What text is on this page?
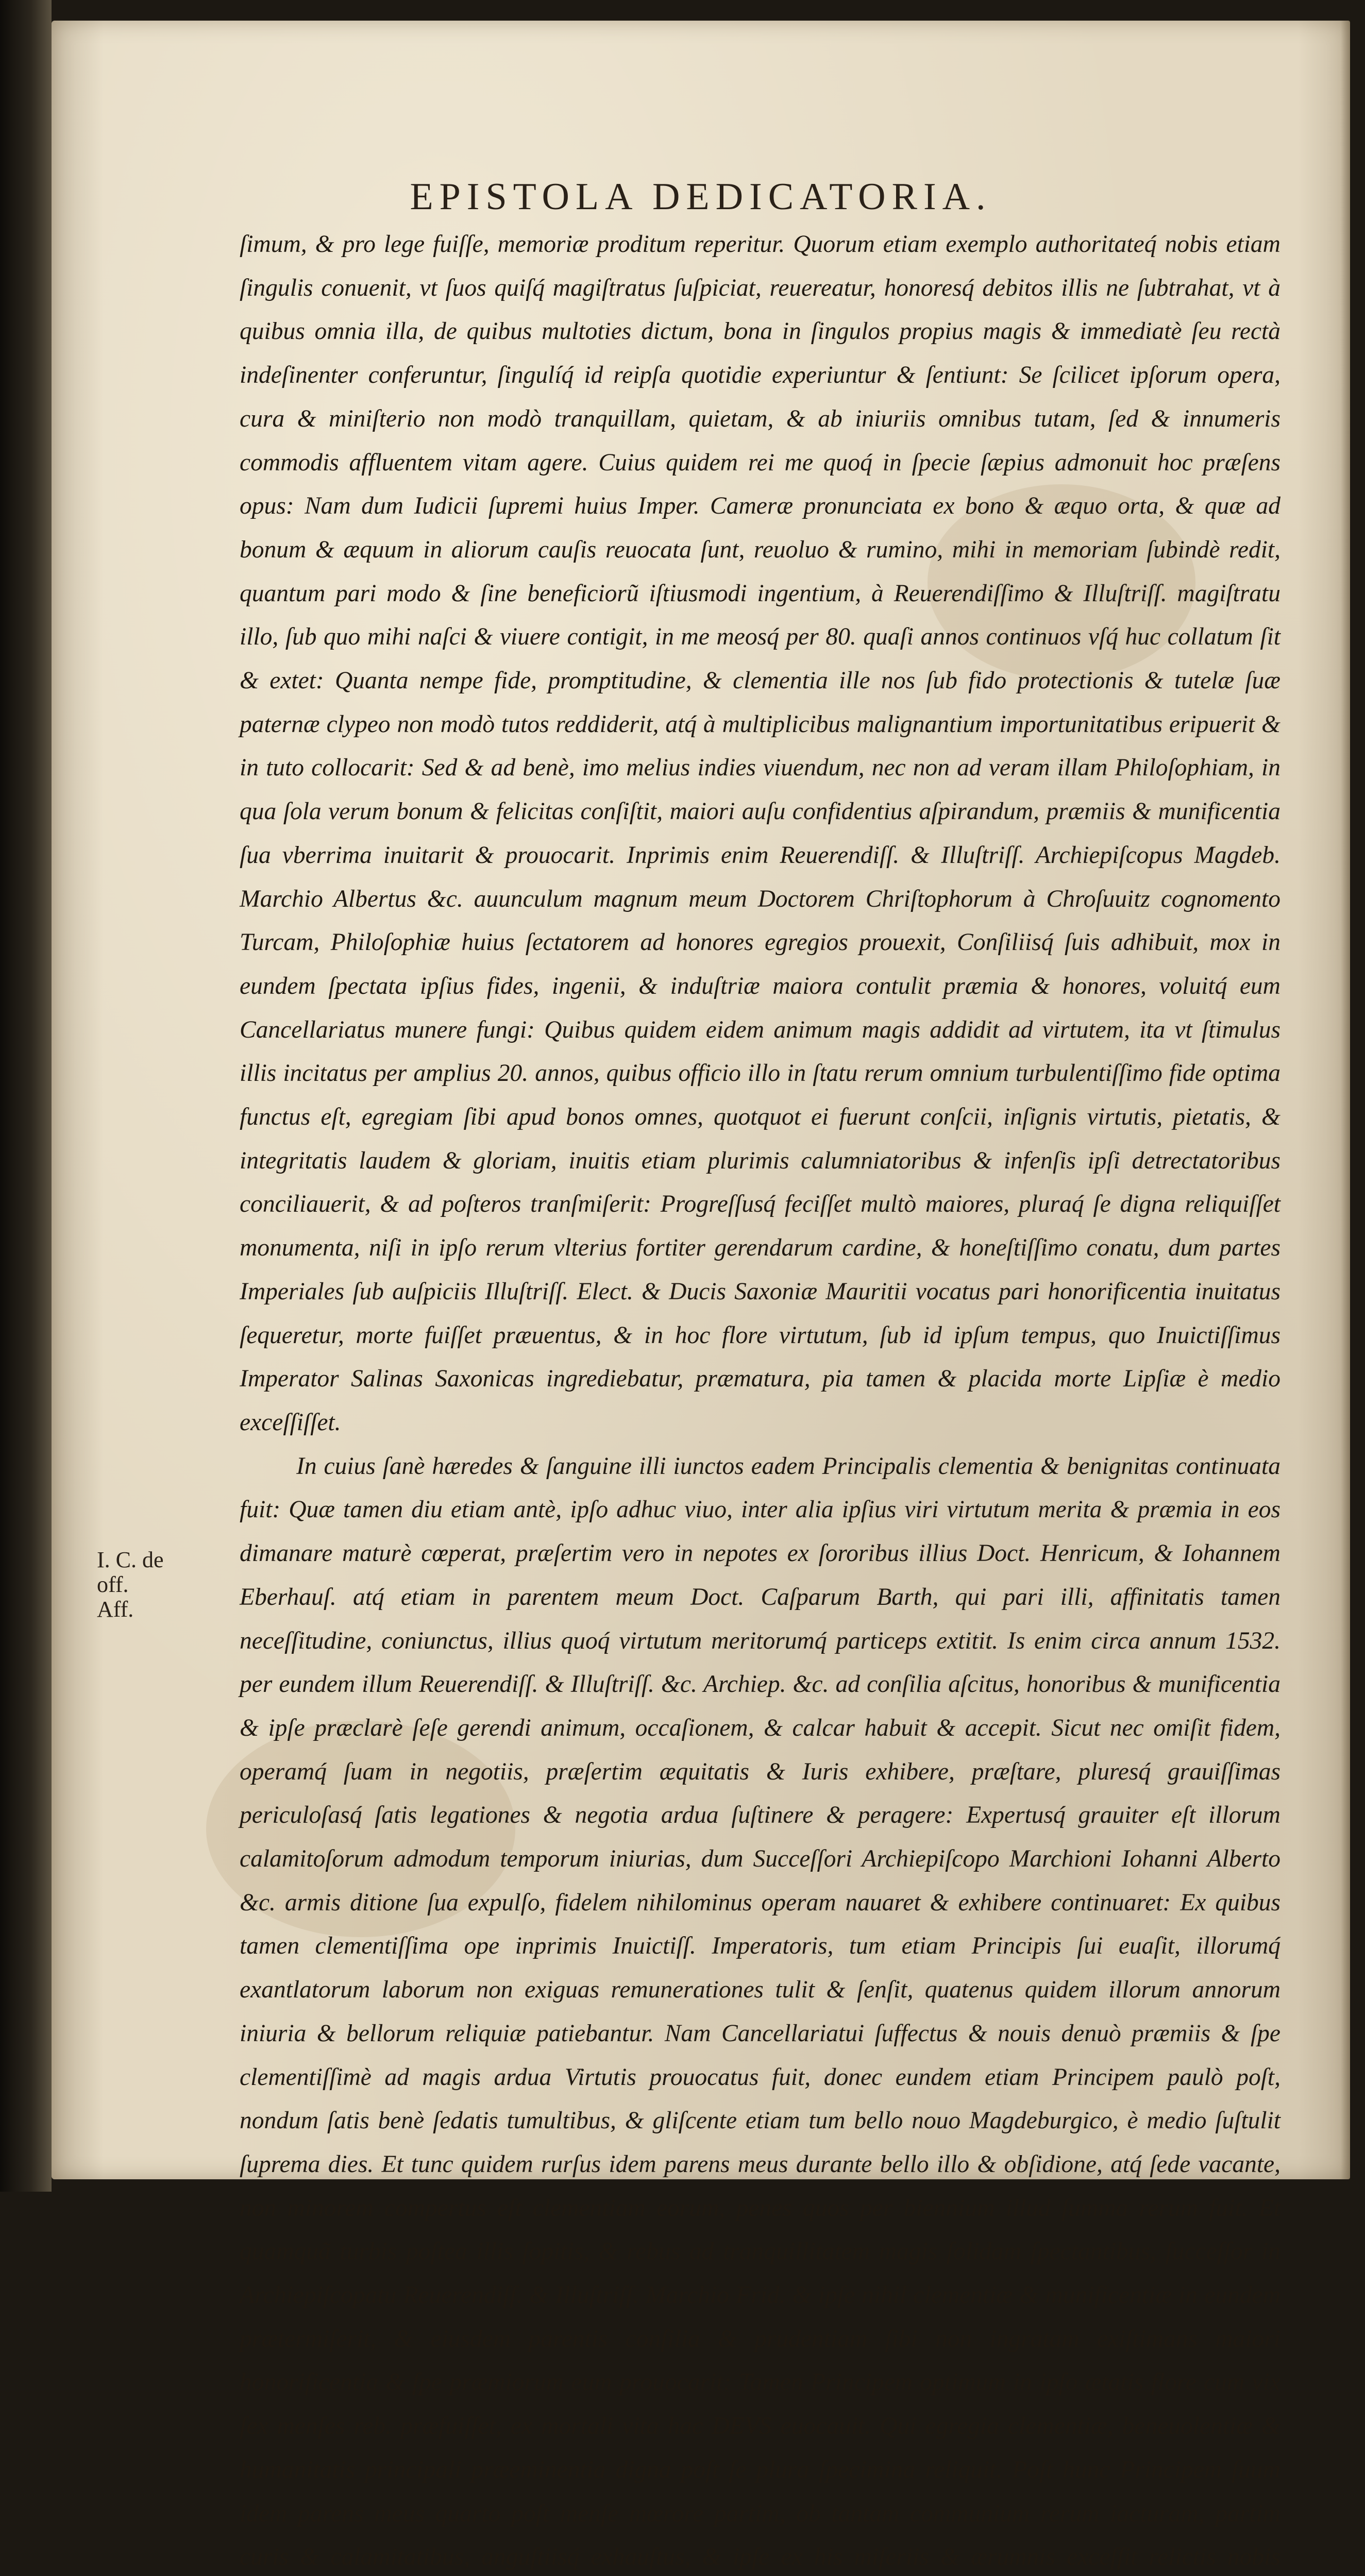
EPISTOLA DEDICATORIA.

ſimum, & pro lege fuiſſe, memoriæ proditum reperitur. Quorum etiam exemplo authoritateq́ nobis etiam ſingulis conuenit, vt ſuos quiſq́ magiſtratus ſuſpiciat, reuereatur, honoresq́ debitos illis ne ſubtrahat, vt à quibus omnia illa, de quibus multoties dictum, bona in ſingulos propius magis & immediatè ſeu rectà indeſinenter conferuntur, ſingulíq́ id reipſa quotidie experiuntur & ſentiunt: Se ſcilicet ipſorum opera, cura & miniſterio non modò tranquillam, quietam, & ab iniuriis omnibus tutam, ſed & innumeris commodis affluentem vitam agere. Cuius quidem rei me quoq́ in ſpecie ſæpius admonuit hoc præſens opus: Nam dum Iudicii ſupremi huius Imper. Cameræ pronunciata ex bono & æquo orta, & quæ ad bonum & æquum in aliorum cauſis reuocata ſunt, reuoluo & rumino, mihi in memoriam ſubindè redit, quantum pari modo & ſine beneficiorũ iſtiusmodi ingentium, à Reuerendiſſimo & Illuſtriſſ. magiſtratu illo, ſub quo mihi naſci & viuere contigit, in me meosq́ per 80. quaſi annos continuos vſq́ huc collatum ſit & extet: Quanta nempe fide, promptitudine, & clementia ille nos ſub fido protectionis & tutelæ ſuæ paternæ clypeo non modò tutos reddiderit, atq́ à multiplicibus malignantium importunitatibus eripuerit & in tuto collocarit: Sed & ad benè, imo melius indies viuendum, nec non ad veram illam Philoſophiam, in qua ſola verum bonum & felicitas conſiſtit, maiori auſu confidentius aſpirandum, præmiis & munificentia ſua vberrima inuitarit & prouocarit. Inprimis enim Reuerendiſſ. & Illuſtriſſ. Archiepiſcopus Magdeb. Marchio Albertus &c. auunculum magnum meum Doctorem Chriſtophorum à Chroſuuitz cognomento Turcam, Philoſophiæ huius ſectatorem ad honores egregios prouexit, Conſiliisq́ ſuis adhibuit, mox in eundem ſpectata ipſius fides, ingenii, & induſtriæ maiora contulit præmia & honores, voluitq́ eum Cancellariatus munere fungi: Quibus quidem eidem animum magis addidit ad virtutem, ita vt ſtimulus illis incitatus per amplius 20. annos, quibus officio illo in ſtatu rerum omnium turbulentiſſimo fide optima functus eſt, egregiam ſibi apud bonos omnes, quotquot ei fuerunt conſcii, inſignis virtutis, pietatis, & integritatis laudem & gloriam, inuitis etiam plurimis calumniatoribus & infenſis ipſi detrectatoribus conciliauerit, & ad poſteros tranſmiſerit: Progreſſusq́ feciſſet multò maiores, pluraq́ ſe digna reliquiſſet monumenta, niſi in ipſo rerum vlterius fortiter gerendarum cardine, & honeſtiſſimo conatu, dum partes Imperiales ſub auſpiciis Illuſtriſſ. Elect. & Ducis Saxoniæ Mauritii vocatus pari honorificentia inuitatus ſequeretur, morte fuiſſet præuentus, & in hoc flore virtutum, ſub id ipſum tempus, quo Inuictiſſimus Imperator Salinas Saxonicas ingrediebatur, præmatura, pia tamen & placida morte Lipſiæ è medio exceſſiſſet.

In cuius ſanè hæredes & ſanguine illi iunctos eadem Principalis clementia & benignitas continuata fuit: Quæ tamen diu etiam antè, ipſo adhuc viuo, inter alia ipſius viri virtutum merita & præmia in eos dimanare maturè cœperat, præſertim vero in nepotes ex ſororibus illius Doct. Henricum, & Iohannem Eberhauſ. atq́ etiam in parentem meum Doct. Caſparum Barth, qui pari illi, affinitatis tamen neceſſitudine, coniunctus, illius quoq́ virtutum meritorumq́ particeps extitit. Is enim circa annum 1532. per eundem illum Reuerendiſſ. & Illuſtriſſ. &c. Archiep. &c. ad conſilia aſcitus, honoribus & munificentia & ipſe præclarè ſeſe gerendi animum, occaſionem, & calcar habuit & accepit. Sicut nec omiſit fidem, operamq́ ſuam in negotiis, præſertim æquitatis & Iuris exhibere, præſtare, pluresq́ grauiſſimas periculoſasq́ ſatis legationes & negotia ardua ſuſtinere & peragere: Expertusq́ grauiter eſt illorum calamitoſorum admodum temporum iniurias, dum Succeſſori Archiepiſcopo Marchioni Iohanni Alberto &c. armis ditione ſua expulſo, fidelem nihilominus operam nauaret & exhibere continuaret: Ex quibus tamen clementiſſima ope inprimis Inuictiſſ. Imperatoris, tum etiam Principis ſui euaſit, illorumq́ exantlatorum laborum non exiguas remunerationes tulit & ſenſit, quatenus quidem illorum annorum iniuria & bellorum reliquiæ patiebantur. Nam Cancellariatui ſuffectus & nouis denuò præmiis & ſpe clementiſſimè ad magis ardua Virtutis prouocatus fuit, donec eundem etiam Principem paulò poſt, nondum ſatis benè ſedatis tumultibus, & gliſcente etiam tum bello nouo Magdeburgico, è medio ſuſtulit ſuprema dies. Et tunc quidem rurſus idem parens meus durante bello illo & obſidione, atq́ ſede vacante, non minorem compertus eſt clementiam eorum, penes quos per biennium illud ſumma rerum fuit. Et quamquã turbis poſtea illis ſopitis, & rebus ad tranquillitatem magis ſolidam ſpectantibus, ſucceſſor in Archiepiſcopatu Reuerendiſſ. & Illuſtriſſ. Marchio Frid. & ipſe nihil clementiæ & munificentiæ in eundem prætermiſerit, & eiusdem parentis conſilia & prudentiam ſibi non ingratam exiſtimans maiori honorificentia & ſpe præmiorum eum prouocarit: Tamen Principem optimum in ipſo ætatis flore cum vix ſex menſes reb. præfuiſſet, ex mortali vita hac DEVS euocauit. Qui egregia clementiæ, beneuolentiæ & humanitatis principali præeminentia digna poſt ſe plura ſpecimina reliquit. Poſt hunc Principem ſuum idem parens meus quarto poſt menſe mœrore partim, ob tantam communium rerum iacturam, partim curis & calamitatibus, anguſtiisq́ exhauſtus, & ipſe ex his miſeriis & ærumnis exceſſit relictis nobis

I. C. de off.
Aff.
